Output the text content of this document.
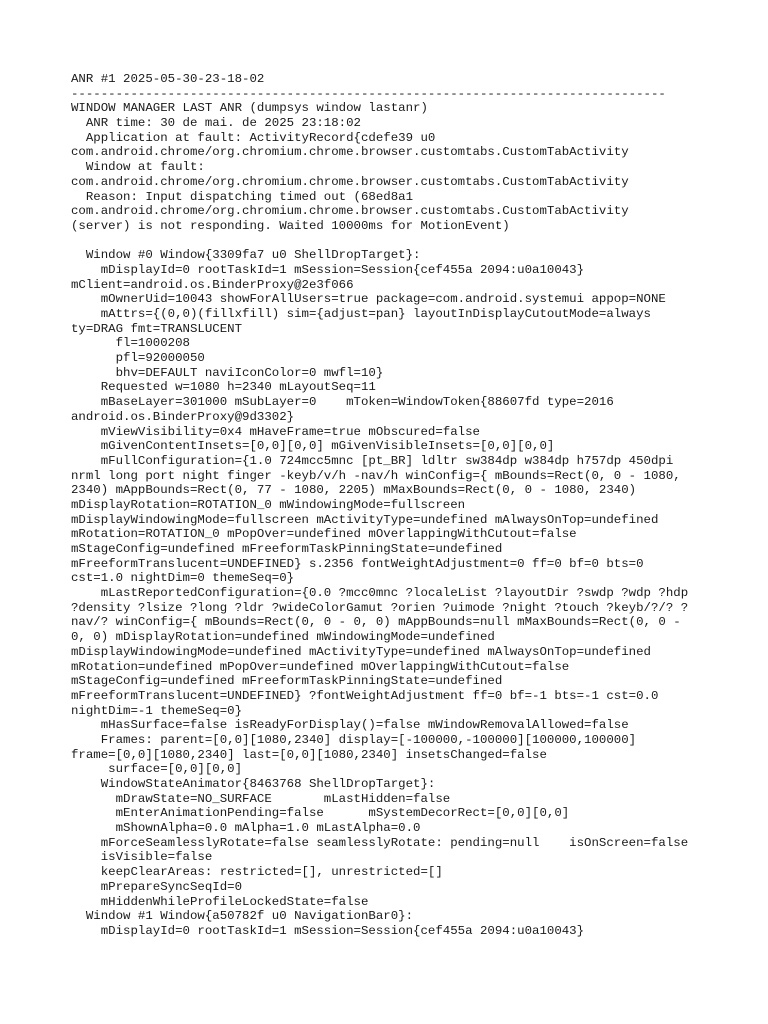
ANR #1 2025-05-30-23-18-02
--------------------------------------------------------------------------------
WINDOW MANAGER LAST ANR (dumpsys window lastanr)
ANR time: 30 de mai. de 2025 23:18:02
Application at fault: ActivityRecord{cdefe39 u0
com.android.chrome/org.chromium.chrome.browser.customtabs.CustomTabActivity
Window at fault:
com.android.chrome/org.chromium.chrome.browser.customtabs.CustomTabActivity
Reason: Input dispatching timed out (68ed8a1
com.android.chrome/org.chromium.chrome.browser.customtabs.CustomTabActivity
(server) is not responding. Waited 10000ms for MotionEvent)
Window #0 Window{3309fa7 u0 ShellDropTarget}:
mDisplayId=0 rootTaskId=1 mSession=Session{cef455a 2094:u0a10043}
mClient=android.os.BinderProxy@2e3f066
mOwnerUid=10043 showForAllUsers=true package=com.android.systemui appop=NONE
mAttrs={(0,0)(fillxfill) sim={adjust=pan} layoutInDisplayCutoutMode=always
ty=DRAG fmt=TRANSLUCENT
fl=1000208
pfl=92000050
bhv=DEFAULT naviIconColor=0 mwfl=10}
Requested w=1080 h=2340 mLayoutSeq=11
mBaseLayer=301000 mSubLayer=0    mToken=WindowToken{88607fd type=2016
android.os.BinderProxy@9d3302}
mViewVisibility=0x4 mHaveFrame=true mObscured=false
mGivenContentInsets=[0,0][0,0] mGivenVisibleInsets=[0,0][0,0]
mFullConfiguration={1.0 724mcc5mnc [pt_BR] ldltr sw384dp w384dp h757dp 450dpi
nrml long port night finger -keyb/v/h -nav/h winConfig={ mBounds=Rect(0, 0 - 1080,
2340) mAppBounds=Rect(0, 77 - 1080, 2205) mMaxBounds=Rect(0, 0 - 1080, 2340)
mDisplayRotation=ROTATION_0 mWindowingMode=fullscreen
mDisplayWindowingMode=fullscreen mActivityType=undefined mAlwaysOnTop=undefined
mRotation=ROTATION_0 mPopOver=undefined mOverlappingWithCutout=false
mStageConfig=undefined mFreeformTaskPinningState=undefined
mFreeformTranslucent=UNDEFINED} s.2356 fontWeightAdjustment=0 ff=0 bf=0 bts=0
cst=1.0 nightDim=0 themeSeq=0}
mLastReportedConfiguration={0.0 ?mcc0mnc ?localeList ?layoutDir ?swdp ?wdp ?hdp
?density ?lsize ?long ?ldr ?wideColorGamut ?orien ?uimode ?night ?touch ?keyb/?/? ?
nav/? winConfig={ mBounds=Rect(0, 0 - 0, 0) mAppBounds=null mMaxBounds=Rect(0, 0 -
0, 0) mDisplayRotation=undefined mWindowingMode=undefined
mDisplayWindowingMode=undefined mActivityType=undefined mAlwaysOnTop=undefined
mRotation=undefined mPopOver=undefined mOverlappingWithCutout=false
mStageConfig=undefined mFreeformTaskPinningState=undefined
mFreeformTranslucent=UNDEFINED} ?fontWeightAdjustment ff=0 bf=-1 bts=-1 cst=0.0
nightDim=-1 themeSeq=0}
mHasSurface=false isReadyForDisplay()=false mWindowRemovalAllowed=false
Frames: parent=[0,0][1080,2340] display=[-100000,-100000][100000,100000]
frame=[0,0][1080,2340] last=[0,0][1080,2340] insetsChanged=false
surface=[0,0][0,0]
WindowStateAnimator{8463768 ShellDropTarget}:
mDrawState=NO_SURFACE       mLastHidden=false
mEnterAnimationPending=false      mSystemDecorRect=[0,0][0,0]
mShownAlpha=0.0 mAlpha=1.0 mLastAlpha=0.0
mForceSeamlesslyRotate=false seamlesslyRotate: pending=null    isOnScreen=false
isVisible=false
keepClearAreas: restricted=[], unrestricted=[]
mPrepareSyncSeqId=0
mHiddenWhileProfileLockedState=false
Window #1 Window{a50782f u0 NavigationBar0}:
mDisplayId=0 rootTaskId=1 mSession=Session{cef455a 2094:u0a10043}
